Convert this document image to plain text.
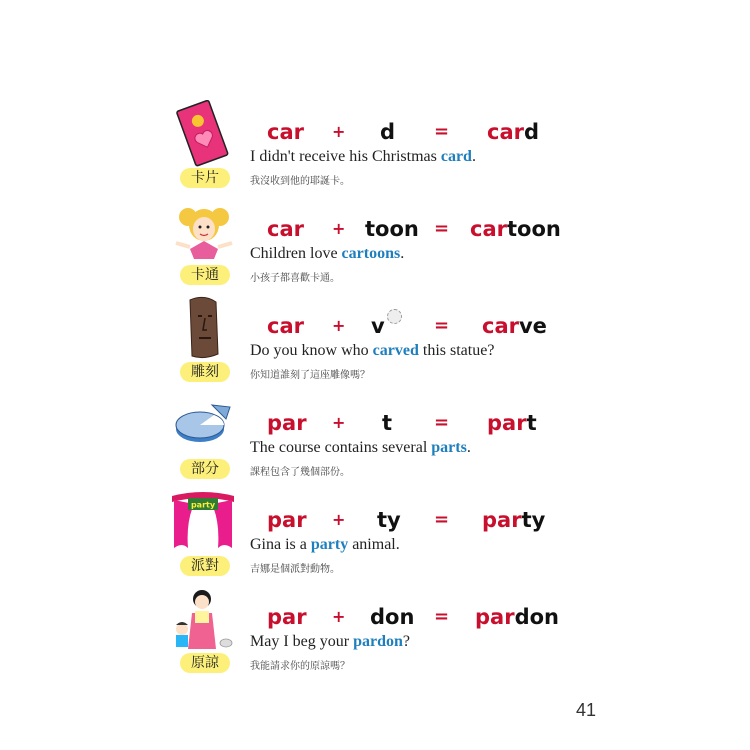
卡片
car + d = card
I didn't receive his Christmas card.
我沒收到他的耶誕卡。
卡通
car + toon = cartoon
Children love cartoons.
小孩子都喜歡卡通。
雕刻
car + v	= carve
Do you know who carved this statue?
你知道誰刻了這座雕像嗎？
部分
par + t = part
The course contains several parts.
課程包含了幾個部份。
party
派對
par + ty = party
Gina is a party animal.
吉娜是個派對動物。
原諒
par + don = pardon
May I beg your pardon?
我能請求你的原諒嗎？
41
